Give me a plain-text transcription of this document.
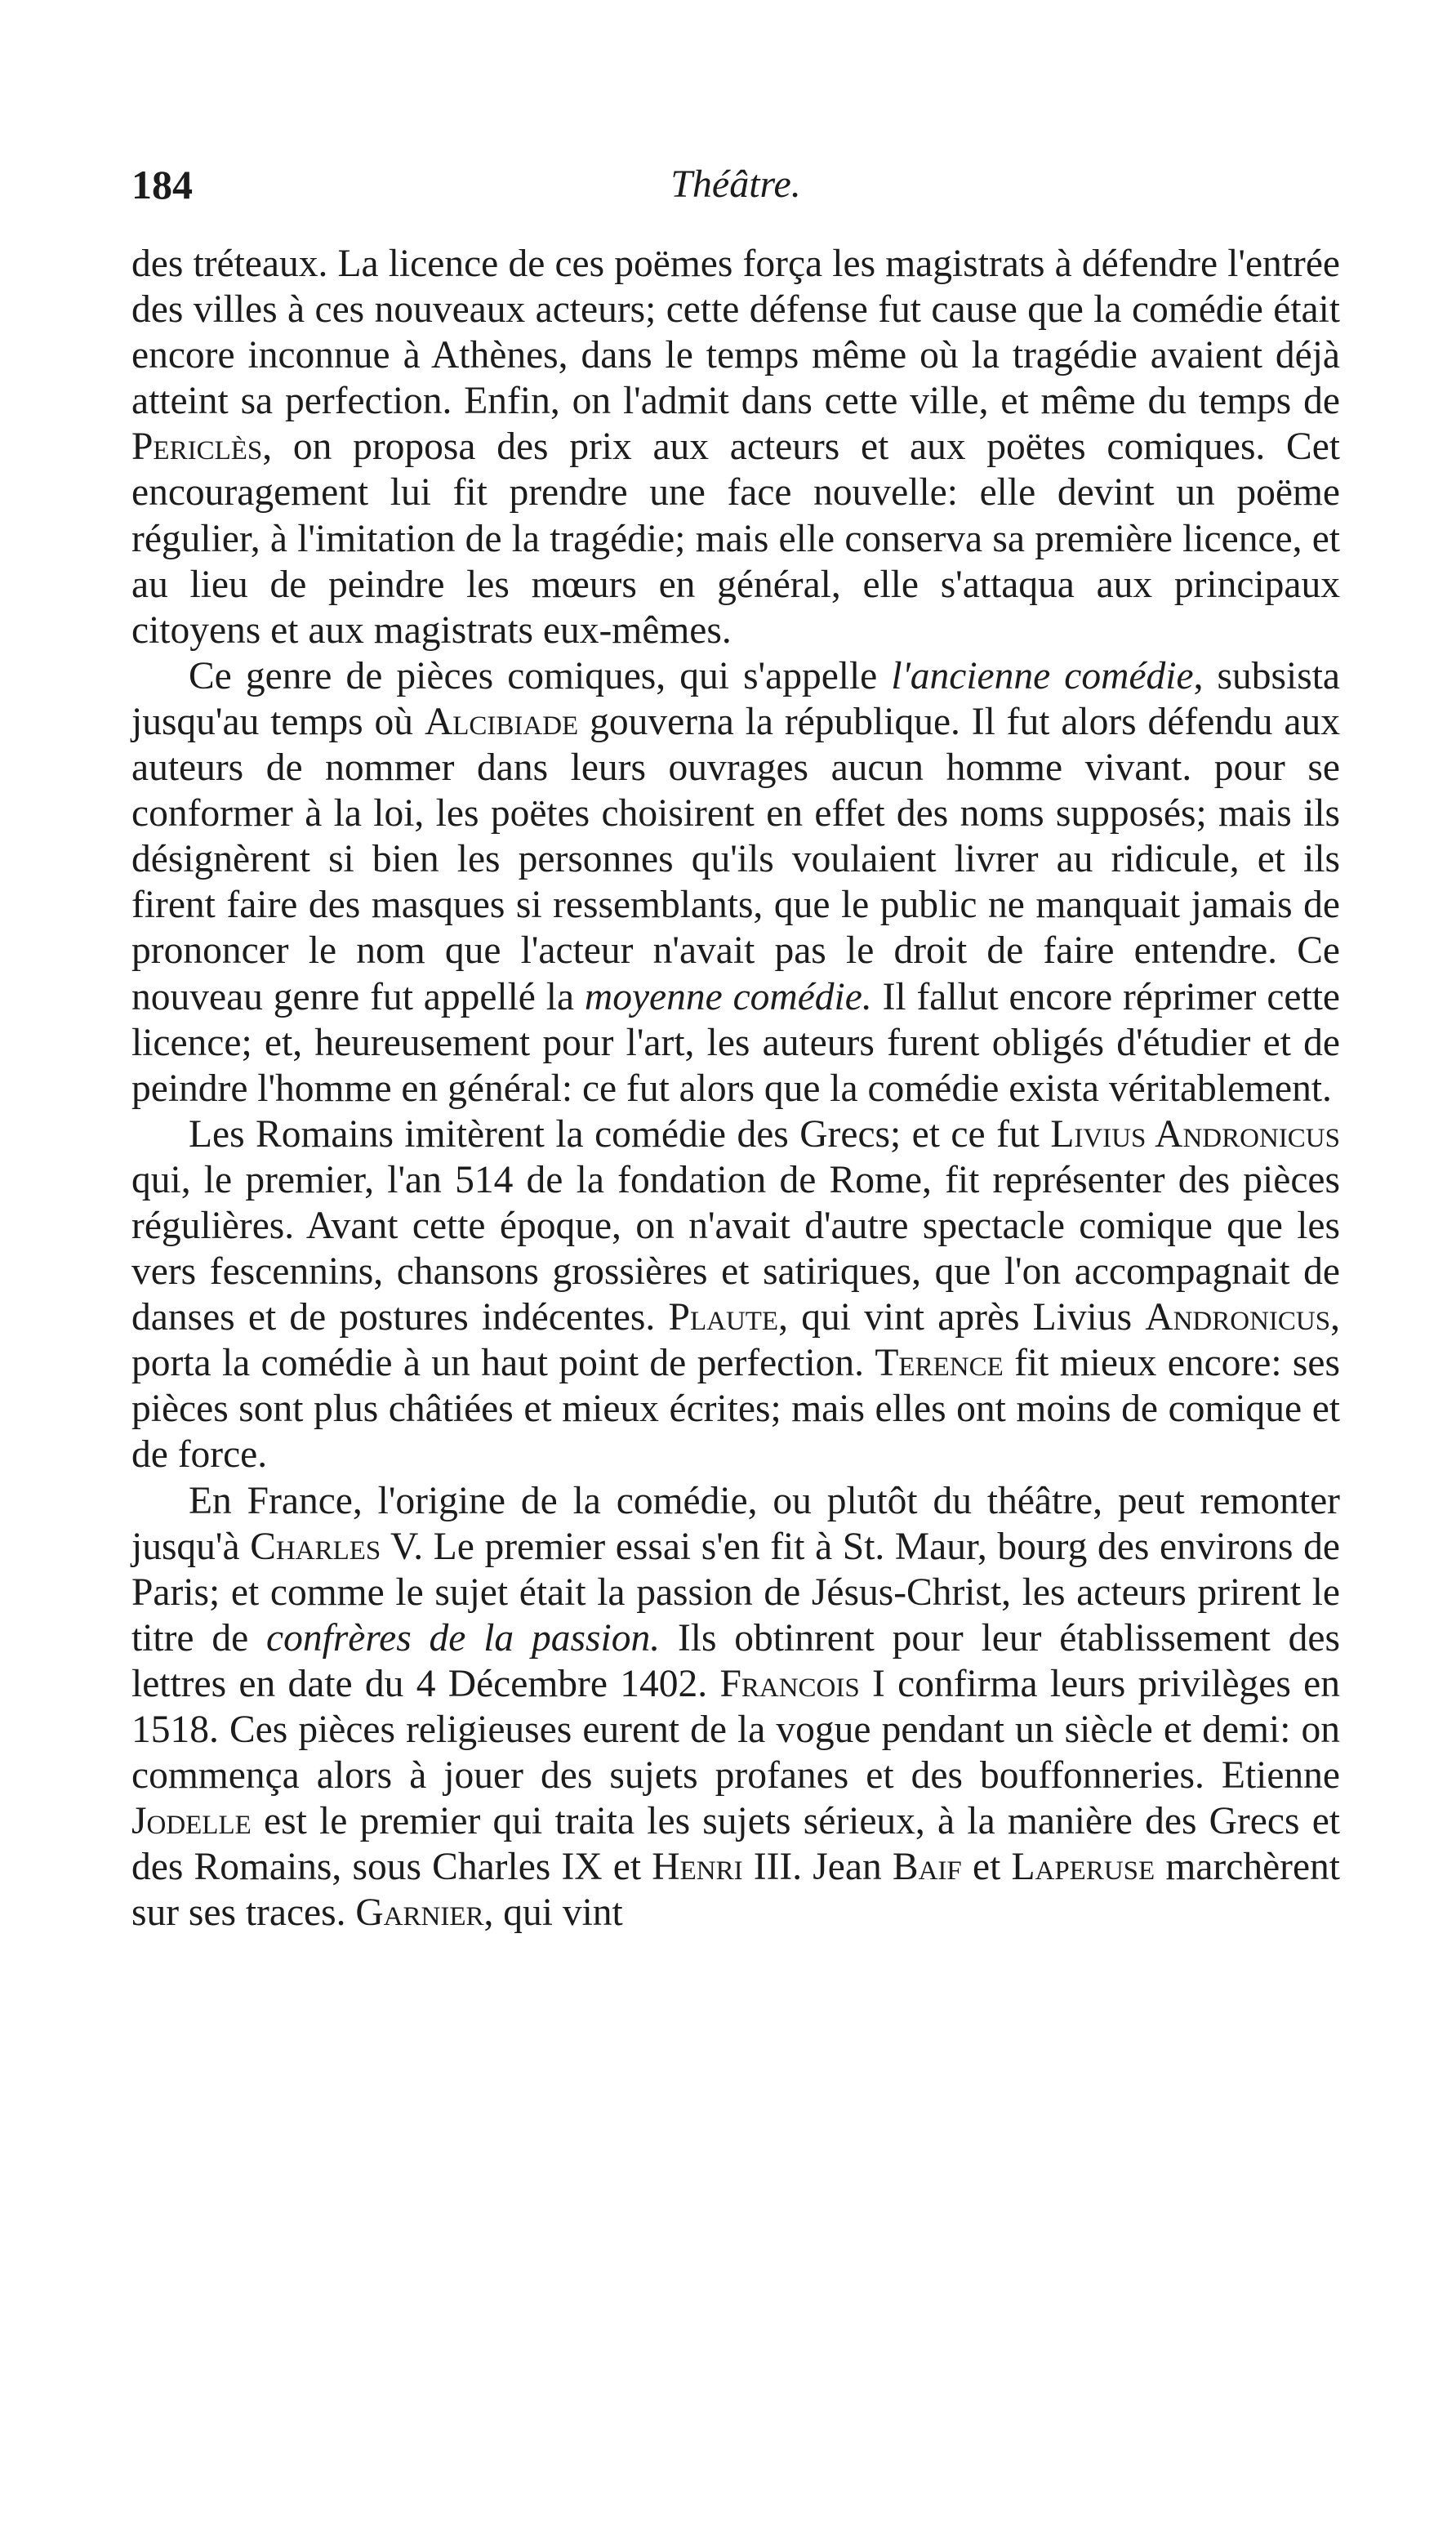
184	Théâtre.

des tréteaux. La licence de ces poëmes força les magistrats à défendre l'entrée des villes à ces nouveaux acteurs; cette défense fut cause que la comédie était encore inconnue à Athènes, dans le temps même où la tragédie avaient déjà atteint sa perfection. Enfin, on l'admit dans cette ville, et même du temps de Periclès, on proposa des prix aux acteurs et aux poëtes comiques. Cet encouragement lui fit prendre une face nouvelle: elle devint un poëme régulier, à l'imitation de la tragédie; mais elle conserva sa première licence, et au lieu de peindre les mœurs en général, elle s'attaqua aux principaux citoyens et aux magistrats eux-mêmes.

Ce genre de pièces comiques, qui s'appelle l'ancienne comédie, subsista jusqu'au temps où Alcibiade gouverna la république. Il fut alors défendu aux auteurs de nommer dans leurs ouvrages aucun homme vivant. pour se conformer à la loi, les poëtes choisirent en effet des noms supposés; mais ils désignèrent si bien les personnes qu'ils voulaient livrer au ridicule, et ils firent faire des masques si ressemblants, que le public ne manquait jamais de prononcer le nom que l'acteur n'avait pas le droit de faire entendre. Ce nouveau genre fut appellé la moyenne comédie. Il fallut encore réprimer cette licence; et, heureusement pour l'art, les auteurs furent obligés d'étudier et de peindre l'homme en général: ce fut alors que la comédie exista véritablement.

Les Romains imitèrent la comédie des Grecs; et ce fut Livius Andronicus qui, le premier, l'an 514 de la fondation de Rome, fit représenter des pièces régulières. Avant cette époque, on n'avait d'autre spectacle comique que les vers fescennins, chansons grossières et satiriques, que l'on accompagnait de danses et de postures indécentes. Plaute, qui vint après Livius Andronicus, porta la comédie à un haut point de perfection. Terence fit mieux encore: ses pièces sont plus châtiées et mieux écrites; mais elles ont moins de comique et de force.

En France, l'origine de la comédie, ou plutôt du théâtre, peut remonter jusqu'à Charles V. Le premier essai s'en fit à St. Maur, bourg des environs de Paris; et comme le sujet était la passion de Jésus-Christ, les acteurs prirent le titre de confrères de la passion. Ils obtinrent pour leur établissement des lettres en date du 4 Décembre 1402. Francois I confirma leurs privilèges en 1518. Ces pièces religieuses eurent de la vogue pendant un siècle et demi: on commença alors à jouer des sujets profanes et des bouffonneries. Etienne Jodelle est le premier qui traita les sujets sérieux, à la manière des Grecs et des Romains, sous Charles IX et Henri III. Jean Baif et Laperuse marchèrent sur ses traces. Garnier, qui vint
